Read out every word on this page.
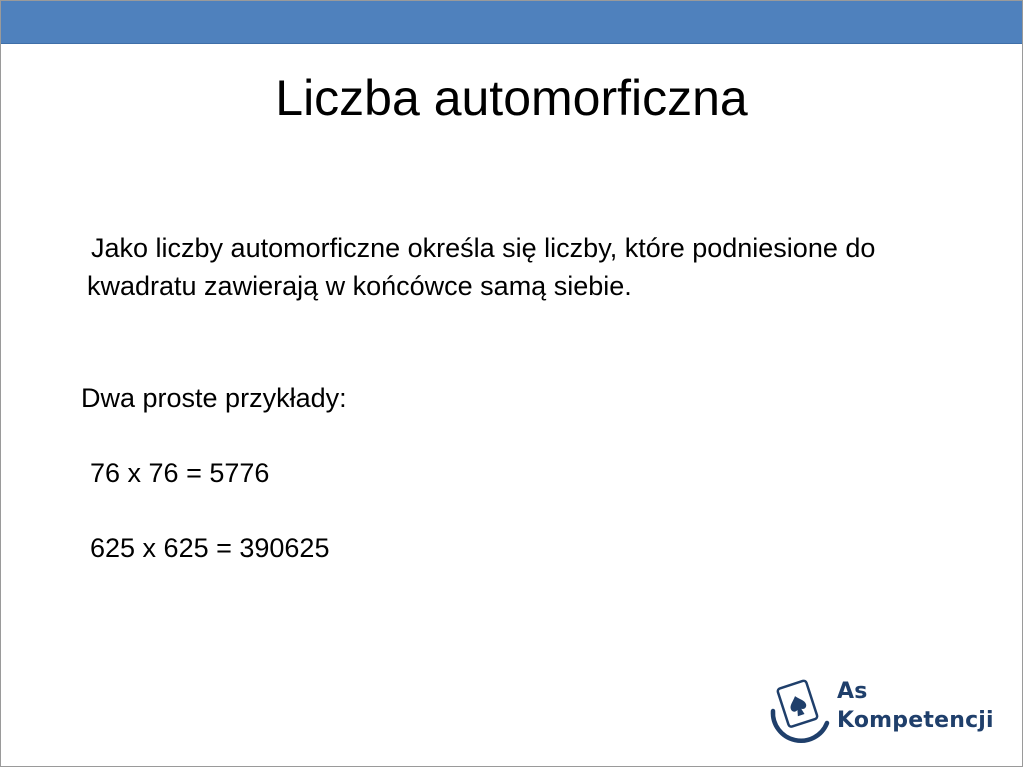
Liczba automorficzna
Jako liczby automorficzne określa się liczby, które podniesione do kwadratu zawierają w końcówce samą siebie.
Dwa proste przykłady:
76 x 76 = 5776
625 x 625 = 390625
As
Kompetencji
